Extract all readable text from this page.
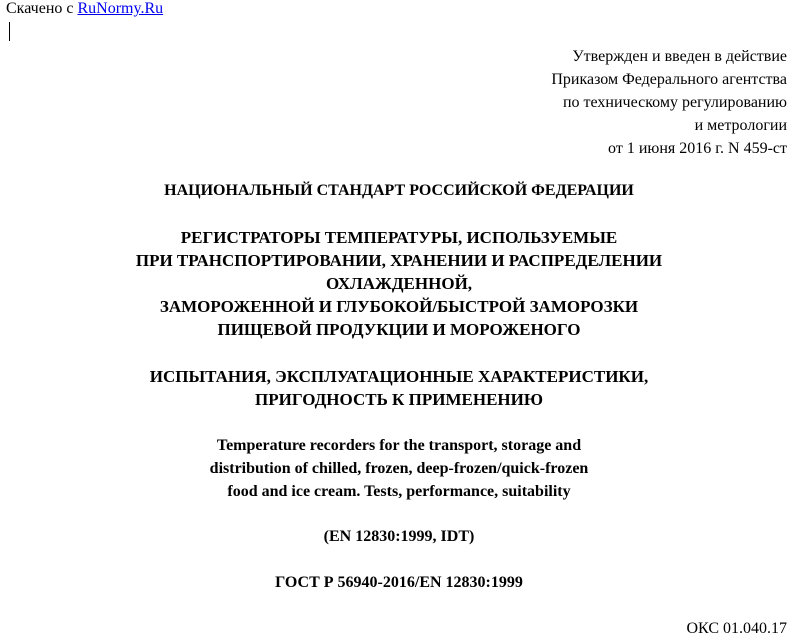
Скачено с RuNormy.Ru
Утвержден и введен в действие
Приказом Федерального агентства
по техническому регулированию
и метрологии
от 1 июня 2016 г. N 459-ст
НАЦИОНАЛЬНЫЙ СТАНДАРТ РОССИЙСКОЙ ФЕДЕРАЦИИ
РЕГИСТРАТОРЫ ТЕМПЕРАТУРЫ, ИСПОЛЬЗУЕМЫЕ
ПРИ ТРАНСПОРТИРОВАНИИ, ХРАНЕНИИ И РАСПРЕДЕЛЕНИИ
ОХЛАЖДЕННОЙ,
ЗАМОРОЖЕННОЙ И ГЛУБОКОЙ/БЫСТРОЙ ЗАМОРОЗКИ
ПИЩЕВОЙ ПРОДУКЦИИ И МОРОЖЕНОГО
ИСПЫТАНИЯ, ЭКСПЛУАТАЦИОННЫЕ ХАРАКТЕРИСТИКИ,
ПРИГОДНОСТЬ К ПРИМЕНЕНИЮ
Temperature recorders for the transport, storage and
distribution of chilled, frozen, deep-frozen/quick-frozen
food and ice cream. Tests, performance, suitability
(EN 12830:1999, IDT)
ГОСТ Р 56940-2016/EN 12830:1999
ОКС 01.040.17
